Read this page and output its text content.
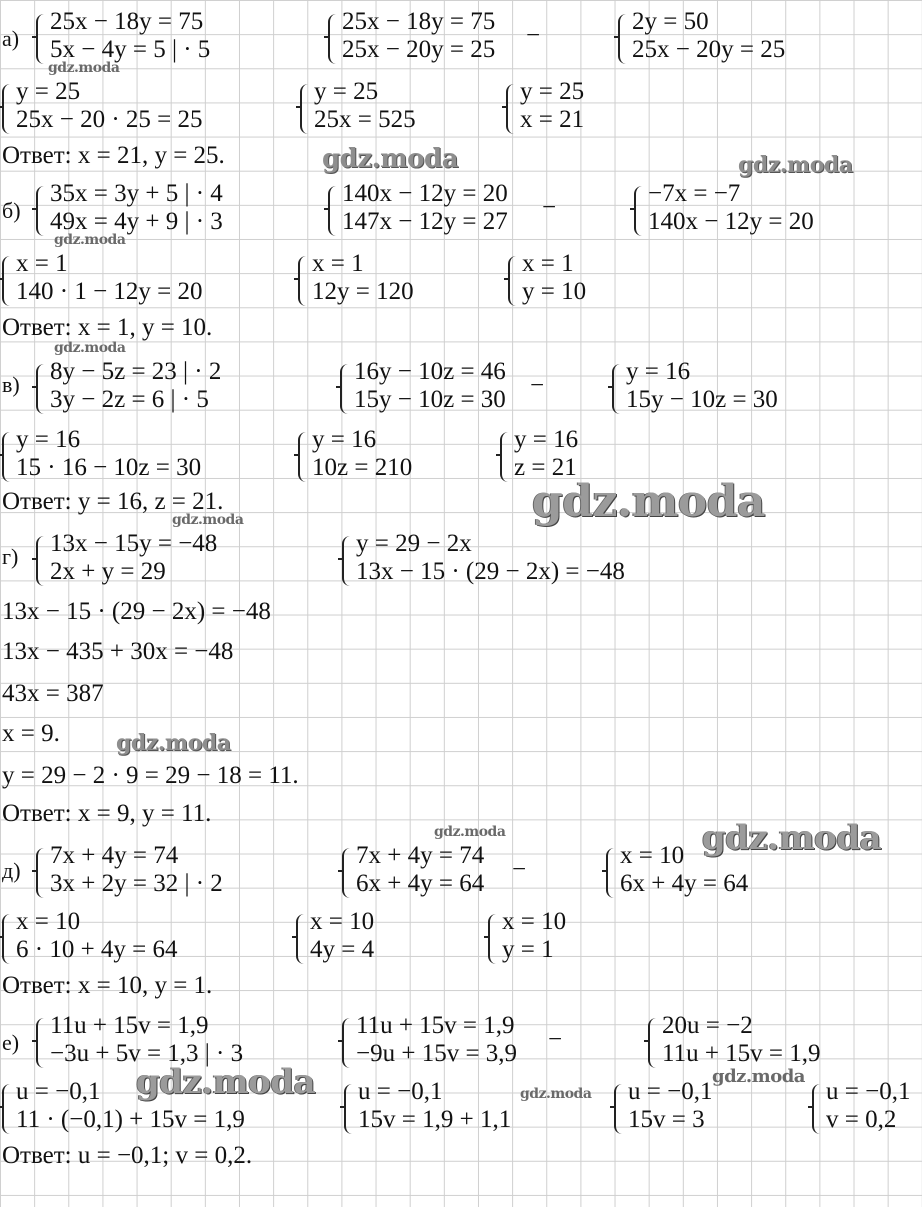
а)
25x − 18y = 75
5x − 4y = 5 | · 5
25x − 18y = 75
25x − 20y = 25
−
2y = 50
25x − 20y = 25
y = 25
25x − 20 · 25 = 25
y = 25
25x = 525
y = 25
x = 21
Ответ: x = 21, y = 25.
б)
35x = 3y + 5 | · 4
49x = 4y + 9 | · 3
140x − 12y = 20
147x − 12y = 27
−
−7x = −7
140x − 12y = 20
x = 1
140 · 1 − 12y = 20
x = 1
12y = 120
x = 1
y = 10
Ответ: x = 1, y = 10.
в) 8y − 5z = 23 | · 2
3y − 2z = 6 | · 5
16y − 10z = 46
15y − 10z = 30
−
y = 16
15y − 10z = 30
y = 16
15 · 16 − 10z = 30
y = 16
10z = 210
y = 16
z = 21
Ответ: y = 16, z = 21.
г) 13x − 15y = −48
2x + y = 29
y = 29 − 2x
13x − 15 · (29 − 2x) = −48
13x − 15 · (29 − 2x) = −48
13x − 435 + 30x = −48
43x = 387
x = 9.
y = 29 − 2 · 9 = 29 − 18 = 11.
Ответ: x = 9, y = 11.
д)
7x + 4y = 74
3x + 2y = 32 | · 2
7x + 4y = 74
6x + 4y = 64
−
x = 10
6x + 4y = 64
x = 10
6 · 10 + 4y = 64
x = 10
4y = 4
x = 10
y = 1
Ответ: x = 10, y = 1.
е)
11u + 15v = 1,9
−3u + 5v = 1,3 | · 3
11u + 15v = 1,9
−9u + 15v = 3,9
−
20u = −2
11u + 15v = 1,9
u = −0,1
11 · (−0,1) + 15v = 1,9
u = −0,1
15v = 1,9 + 1,1
u = −0,1
15v = 3
u = −0,1
v = 0,2
Ответ: u = −0,1; v = 0,2.
gdz.moda
gdz.moda	gdz.moda
gdz.moda
gdz.moda
gdz.moda
gdz.moda
gdz.moda
gdz.moda	gdz.moda
gdz.moda	gdz.moda
gdz.moda
